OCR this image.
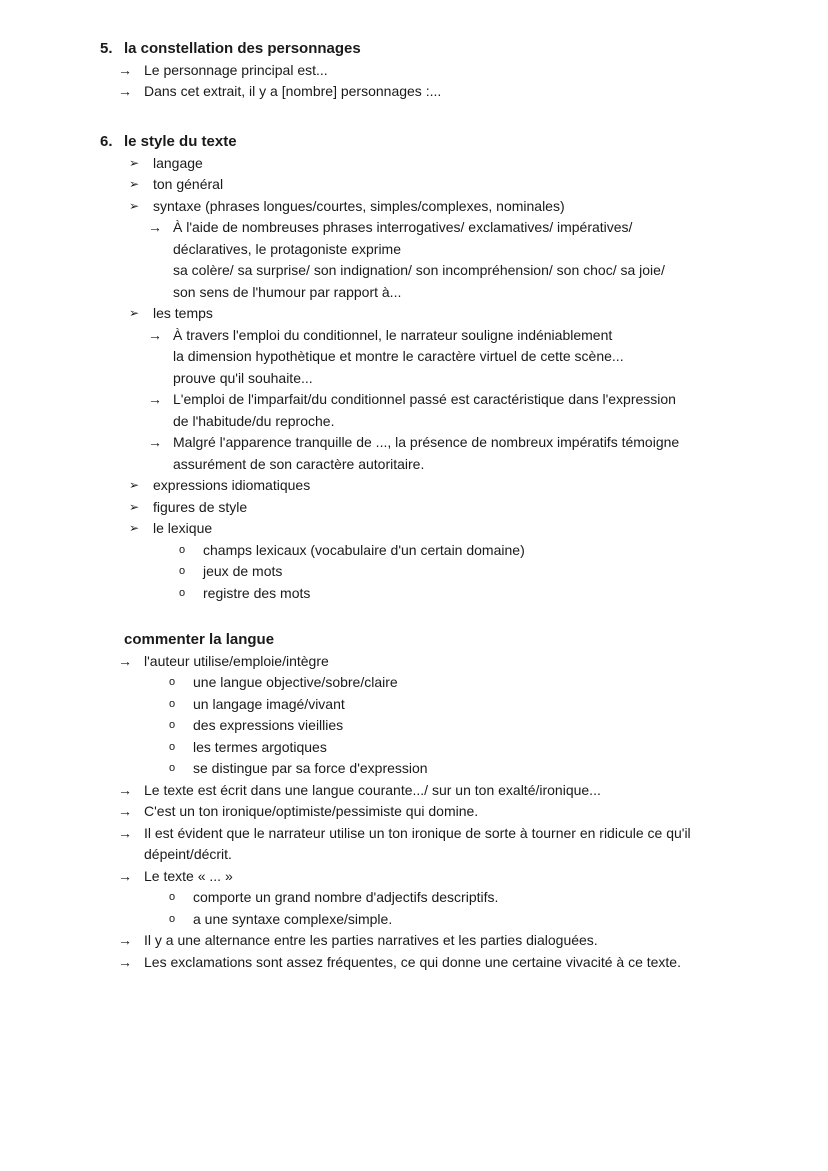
5. la constellation des personnages
→ Le personnage principal est...
→ Dans cet extrait, il y a [nombre] personnages :...
6. le style du texte
➢ langage
➢ ton général
➢ syntaxe (phrases longues/courtes, simples/complexes, nominales)
→ À l'aide de nombreuses phrases interrogatives/ exclamatives/ impératives/
déclaratives, le protagoniste exprime
sa colère/ sa surprise/ son indignation/ son incompréhension/ son choc/ sa joie/
son sens de l'humour par rapport à...
➢ les temps
→ À travers l'emploi du conditionnel, le narrateur souligne indéniablement
la dimension hypothètique et montre le caractère virtuel de cette scène...
prouve qu'il souhaite...
→ L'emploi de l'imparfait/du conditionnel passé est caractéristique dans l'expression
de l'habitude/du reproche.
→ Malgré l'apparence tranquille de ..., la présence de nombreux impératifs témoigne
assurément de son caractère autoritaire.
➢ expressions idiomatiques
➢ figures de style
➢ le lexique
o champs lexicaux (vocabulaire d'un certain domaine)
o jeux de mots
o registre des mots
commenter la langue
→ l'auteur utilise/emploie/intègre
o une langue objective/sobre/claire
o un langage imagé/vivant
o des expressions vieillies
o les termes argotiques
o se distingue par sa force d'expression
→ Le texte est écrit dans une langue courante.../ sur un ton exalté/ironique...
→ C'est un ton ironique/optimiste/pessimiste qui domine.
→ Il est évident que le narrateur utilise un ton ironique de sorte à tourner en ridicule ce qu'il
dépeint/décrit.
→ Le texte « ... »
o comporte un grand nombre d'adjectifs descriptifs.
o a une syntaxe complexe/simple.
→ Il y a une alternance entre les parties narratives et les parties dialoguées.
→ Les exclamations sont assez fréquentes, ce qui donne une certaine vivacité à ce texte.
